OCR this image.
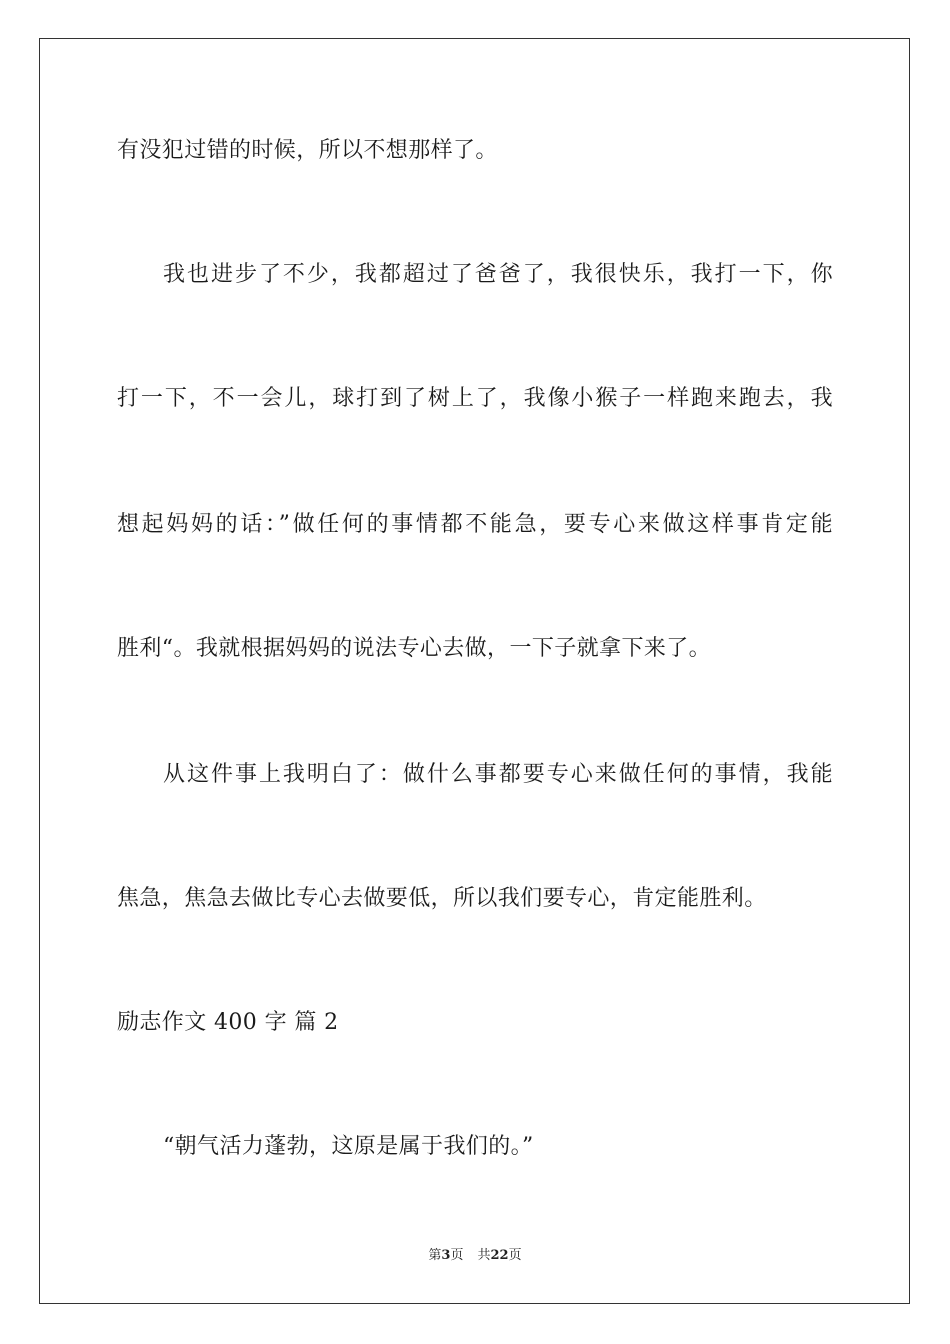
有没犯过错的时候，所以不想那样了。
我也进步了不少，我都超过了爸爸了，我很快乐，我打一下，你
打一下，不一会儿，球打到了树上了，我像小猴子一样跑来跑去，我
想起妈妈的话：”做任何的事情都不能急，要专心来做这样事肯定能
胜利“。我就根据妈妈的说法专心去做，一下子就拿下来了。
从这件事上我明白了：做什么事都要专心来做任何的事情，我能
焦急，焦急去做比专心去做要低，所以我们要专心，肯定能胜利。
励志作文 400 字 篇 2
“朝气活力蓬勃，这原是属于我们的。”
第3页 共22页
